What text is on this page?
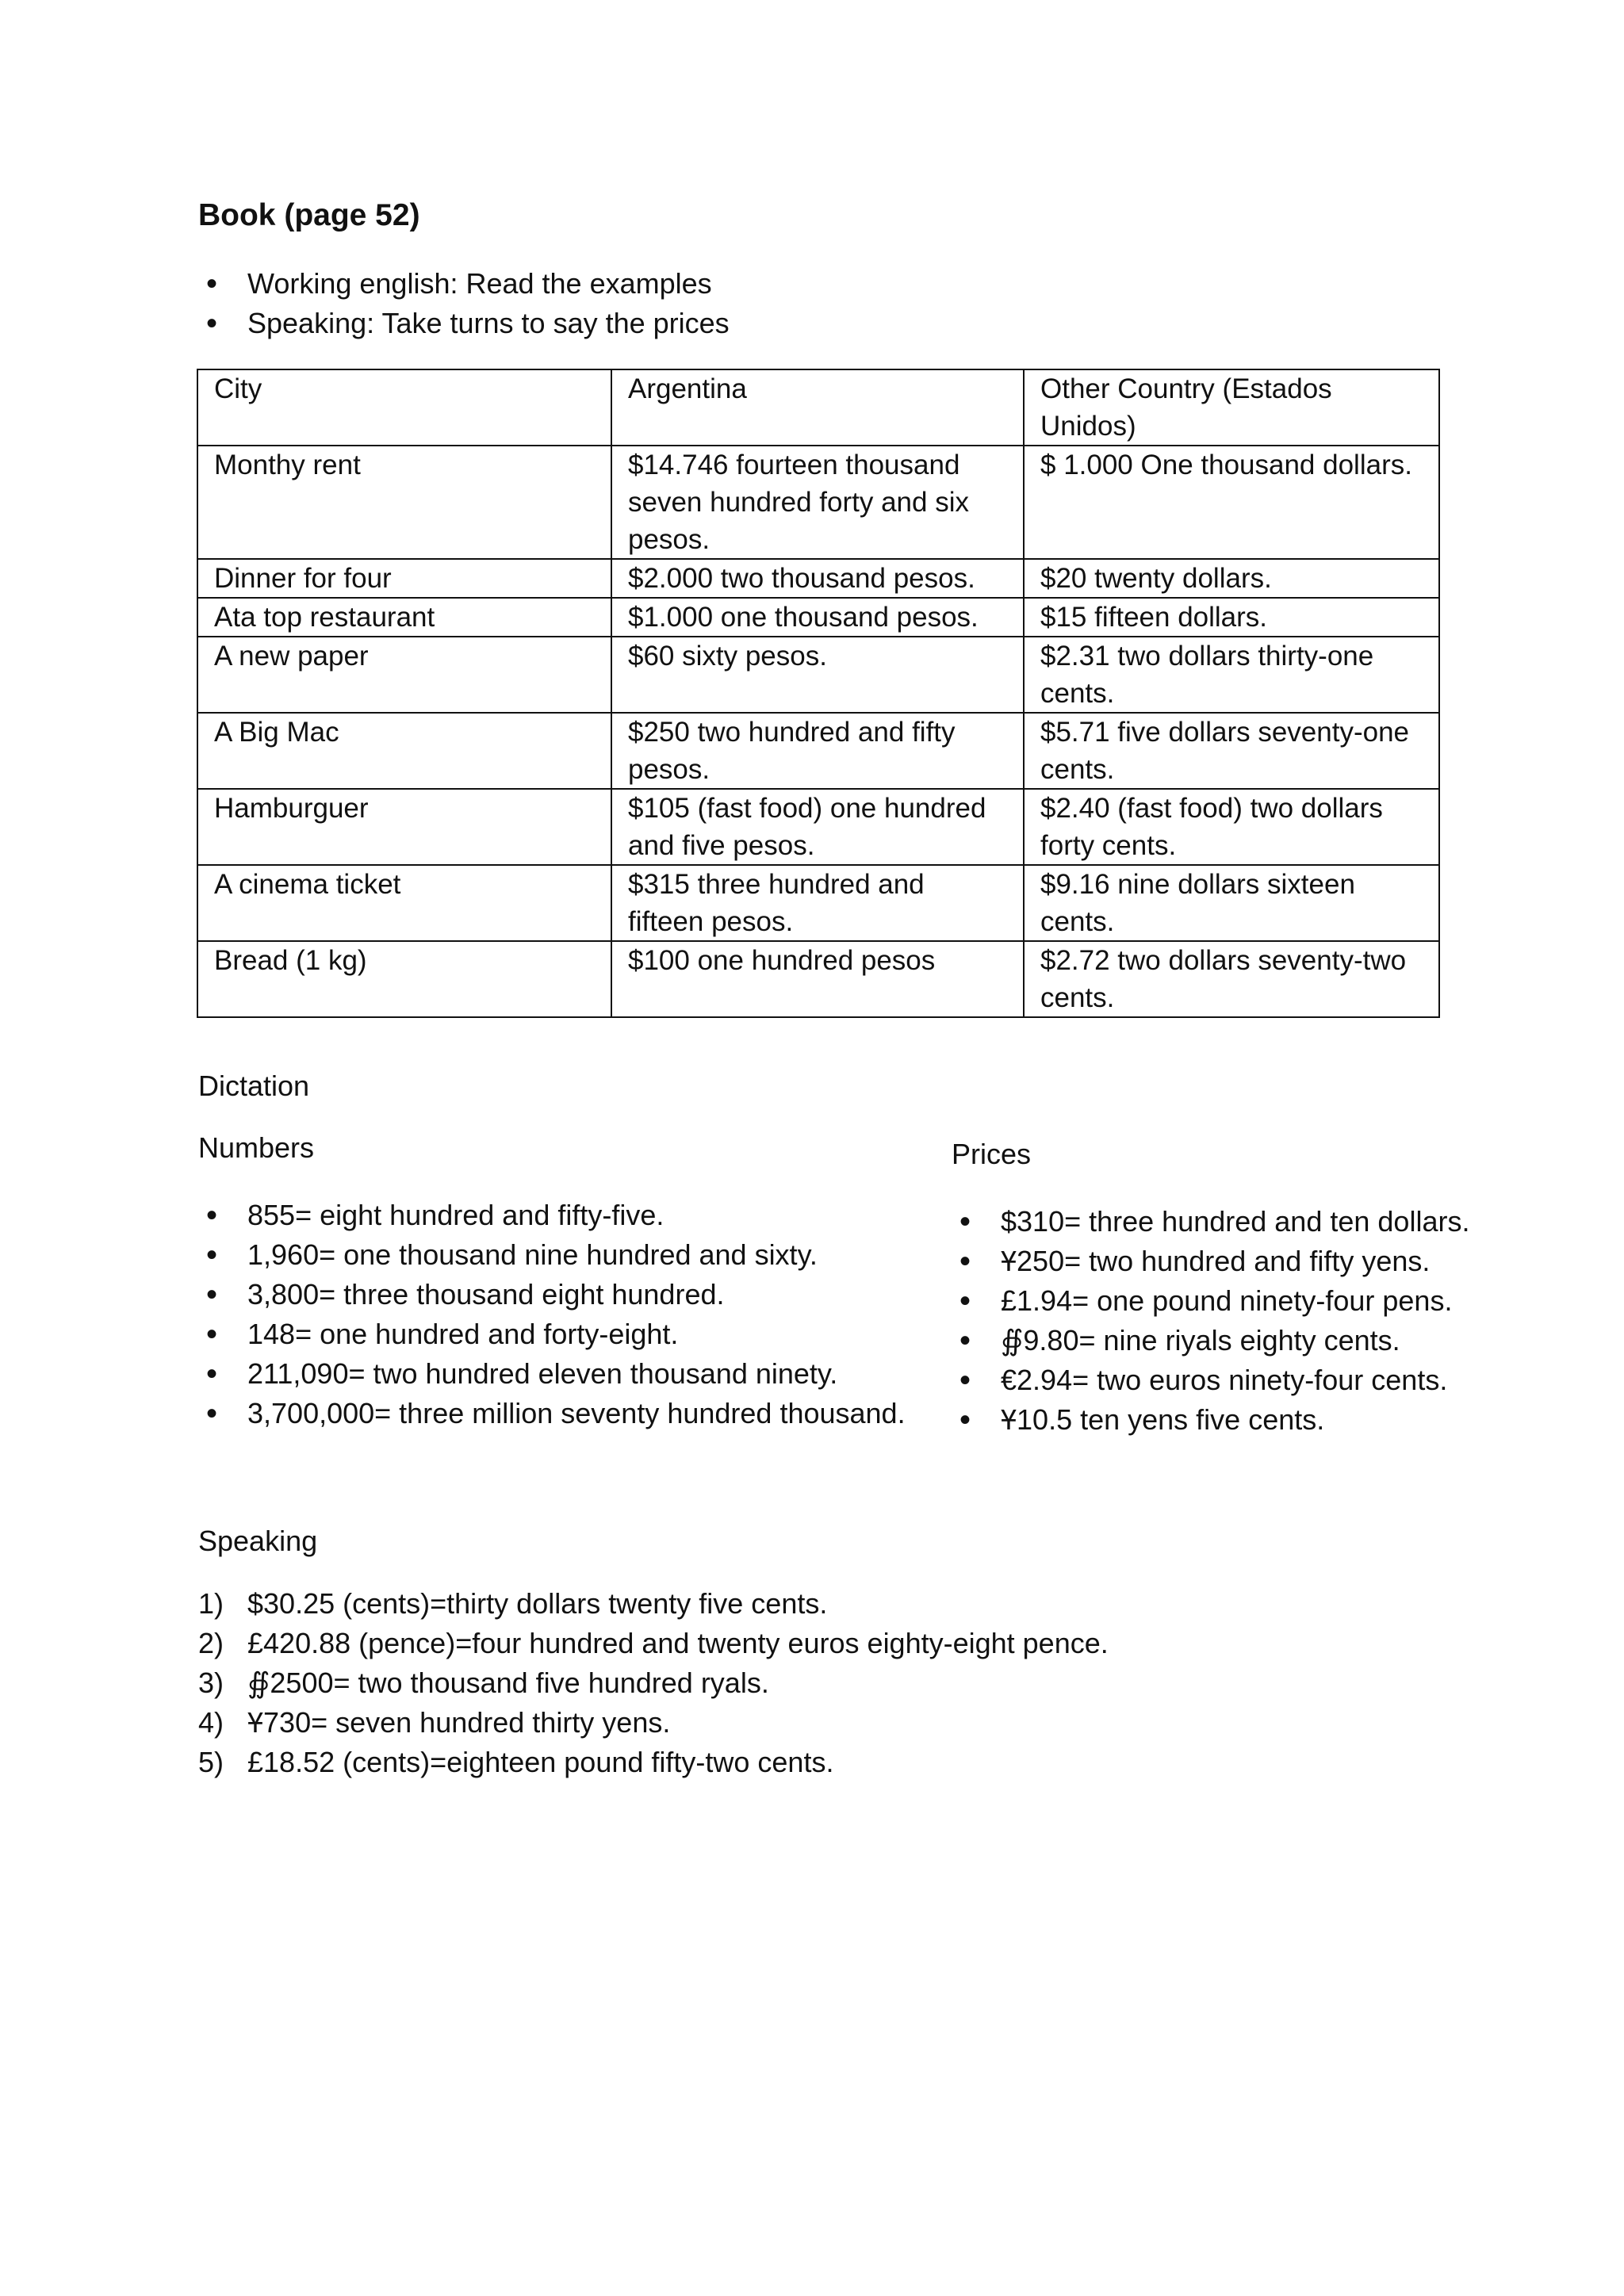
Book (page 52)
• Working english: Read the examples
• Speaking: Take turns to say the prices
City	Argentina	Other Country (Estados Unidos)
Monthy rent	$14.746 fourteen thousand seven hundred forty and six pesos.	$ 1.000 One thousand dollars.
Dinner for four	$2.000 two thousand pesos.	$20 twenty dollars.
Ata top restaurant	$1.000 one thousand pesos.	$15 fifteen dollars.
A new paper	$60 sixty pesos.	$2.31 two dollars thirty-one cents.
A Big Mac	$250 two hundred and fifty pesos.	$5.71 five dollars seventy-one cents.
Hamburguer	$105 (fast food) one hundred and five pesos.	$2.40 (fast food) two dollars forty cents.
A cinema ticket	$315 three hundred and fifteen pesos.	$9.16 nine dollars sixteen cents.
Bread (1 kg)	$100 one hundred pesos	$2.72 two dollars seventy-two cents.
Dictation
Numbers	Prices
• 855= eight hundred and fifty-five.
• 1,960= one thousand nine hundred and sixty.
• 3,800= three thousand eight hundred.
• 148= one hundred and forty-eight.
• 211,090= two hundred eleven thousand ninety.
• 3,700,000= three million seventy hundred thousand.
• $310= three hundred and ten dollars.
• Ұ250= two hundred and fifty yens.
• £1.94= one pound ninety-four pens.
• ∯9.80= nine riyals eighty cents.
• €2.94= two euros ninety-four cents.
• Ұ10.5 ten yens five cents.
Speaking
1) $30.25 (cents)=thirty dollars twenty five cents.
2) £420.88 (pence)=four hundred and twenty euros eighty-eight pence.
3) ∯2500= two thousand five hundred ryals.
4) Ұ730= seven hundred thirty yens.
5) £18.52 (cents)=eighteen pound fifty-two cents.
